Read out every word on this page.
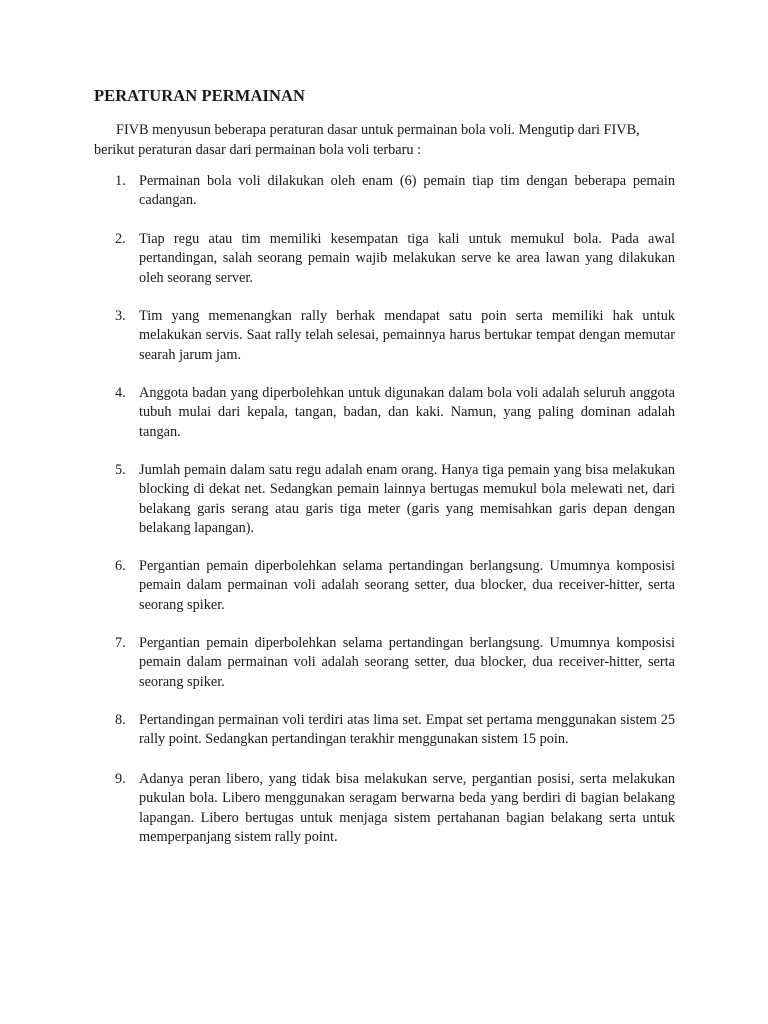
PERATURAN PERMAINAN

FIVB menyusun beberapa peraturan dasar untuk permainan bola voli. Mengutip dari FIVB, berikut peraturan dasar dari permainan bola voli terbaru :

1. Permainan bola voli dilakukan oleh enam (6) pemain tiap tim dengan beberapa pemain cadangan.
2. Tiap regu atau tim memiliki kesempatan tiga kali untuk memukul bola. Pada awal pertandingan, salah seorang pemain wajib melakukan serve ke area lawan yang dilakukan oleh seorang server.
3. Tim yang memenangkan rally berhak mendapat satu poin serta memiliki hak untuk melakukan servis. Saat rally telah selesai, pemainnya harus bertukar tempat dengan memutar searah jarum jam.
4. Anggota badan yang diperbolehkan untuk digunakan dalam bola voli adalah seluruh anggota tubuh mulai dari kepala, tangan, badan, dan kaki. Namun, yang paling dominan adalah tangan.
5. Jumlah pemain dalam satu regu adalah enam orang. Hanya tiga pemain yang bisa melakukan blocking di dekat net. Sedangkan pemain lainnya bertugas memukul bola melewati net, dari belakang garis serang atau garis tiga meter (garis yang memisahkan garis depan dengan belakang lapangan).
6. Pergantian pemain diperbolehkan selama pertandingan berlangsung. Umumnya komposisi pemain dalam permainan voli adalah seorang setter, dua blocker, dua receiver-hitter, serta seorang spiker.
7. Pergantian pemain diperbolehkan selama pertandingan berlangsung. Umumnya komposisi pemain dalam permainan voli adalah seorang setter, dua blocker, dua receiver-hitter, serta seorang spiker.
8. Pertandingan permainan voli terdiri atas lima set. Empat set pertama menggunakan sistem 25 rally point. Sedangkan pertandingan terakhir menggunakan sistem 15 poin.
9. Adanya peran libero, yang tidak bisa melakukan serve, pergantian posisi, serta melakukan pukulan bola. Libero menggunakan seragam berwarna beda yang berdiri di bagian belakang lapangan. Libero bertugas untuk menjaga sistem pertahanan bagian belakang serta untuk memperpanjang sistem rally point.
